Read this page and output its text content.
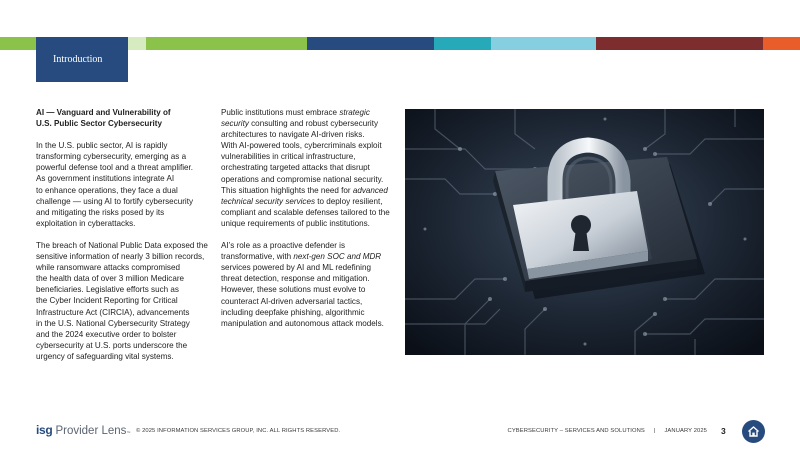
Introduction

AI — Vanguard and Vulnerability of
U.S. Public Sector Cybersecurity

In the U.S. public sector, AI is rapidly
transforming cybersecurity, emerging as a
powerful defense tool and a threat amplifier.
As government institutions integrate AI
to enhance operations, they face a dual
challenge — using AI to fortify cybersecurity
and mitigating the risks posed by its
exploitation in cyberattacks.

The breach of National Public Data exposed the
sensitive information of nearly 3 billion records,
while ransomware attacks compromised
the health data of over 3 million Medicare
beneficiaries. Legislative efforts such as
the Cyber Incident Reporting for Critical
Infrastructure Act (CIRCIA), advancements
in the U.S. National Cybersecurity Strategy
and the 2024 executive order to bolster
cybersecurity at U.S. ports underscore the
urgency of safeguarding vital systems.

Public institutions must embrace strategic
security consulting and robust cybersecurity
architectures to navigate AI-driven risks.
With AI-powered tools, cybercriminals exploit
vulnerabilities in critical infrastructure,
orchestrating targeted attacks that disrupt
operations and compromise national security.
This situation highlights the need for advanced
technical security services to deploy resilient,
compliant and scalable defenses tailored to the
unique requirements of public institutions.

AI’s role as a proactive defender is
transformative, with next-gen SOC and MDR
services powered by AI and ML redefining
threat detection, response and mitigation.
However, these solutions must evolve to
counteract AI-driven adversarial tactics,
including deepfake phishing, algorithmic
manipulation and autonomous attack models.

isg Provider Lens ™ © 2025 INFORMATION SERVICES GROUP, INC. ALL RIGHTS RESERVED.	CYBERSECURITY – SERVICES AND SOLUTIONS | JANUARY 2025 3
